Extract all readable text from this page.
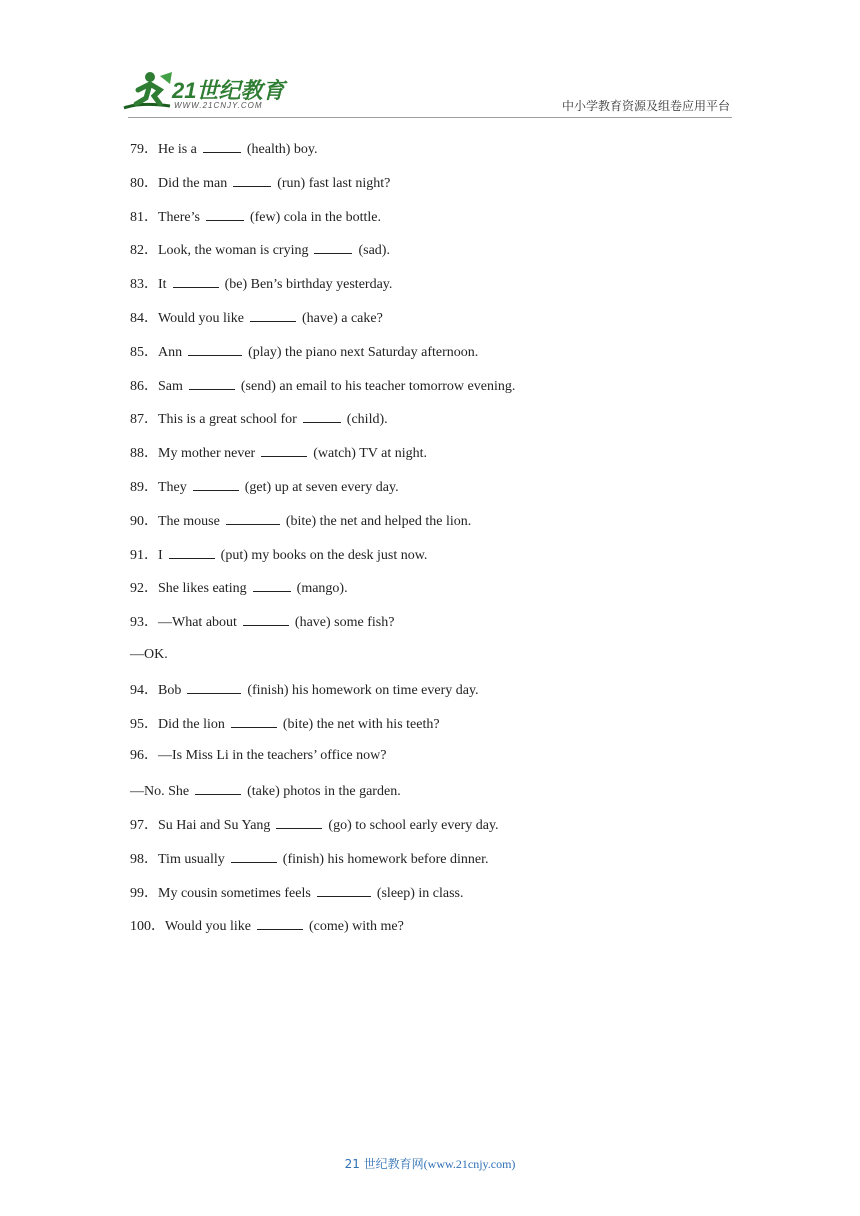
21世纪教育
WWW.21CNJY.COM	中小学教育资源及组卷应用平台
79．He is a	(health) boy.
80．Did the man	(run) fast last night?
81．There’s	(few) cola in the bottle.
82．Look, the woman is crying	(sad).
83．It	(be) Ben’s birthday yesterday.
84．Would you like	(have) a cake?
85．Ann	(play) the piano next Saturday afternoon.
86．Sam	(send) an email to his teacher tomorrow evening.
87．This is a great school for	(child).
88．My mother never	(watch) TV at night.
89．They	(get) up at seven every day.
90．The mouse	(bite) the net and helped the lion.
91．I	(put) my books on the desk just now.
92．She likes eating	(mango).
93．—What about	(have) some fish?
—OK.
94．Bob	(finish) his homework on time every day.
95．Did the lion	(bite) the net with his teeth?
96．—Is Miss Li in the teachers’ office now?
—No. She	(take) photos in the garden.
97．Su Hai and Su Yang	(go) to school early every day.
98．Tim usually	(finish) his homework before dinner.
99．My cousin sometimes feels	(sleep) in class.
100．Would you like	(come) with me?
21 世纪教育网(www.21cnjy.com)
